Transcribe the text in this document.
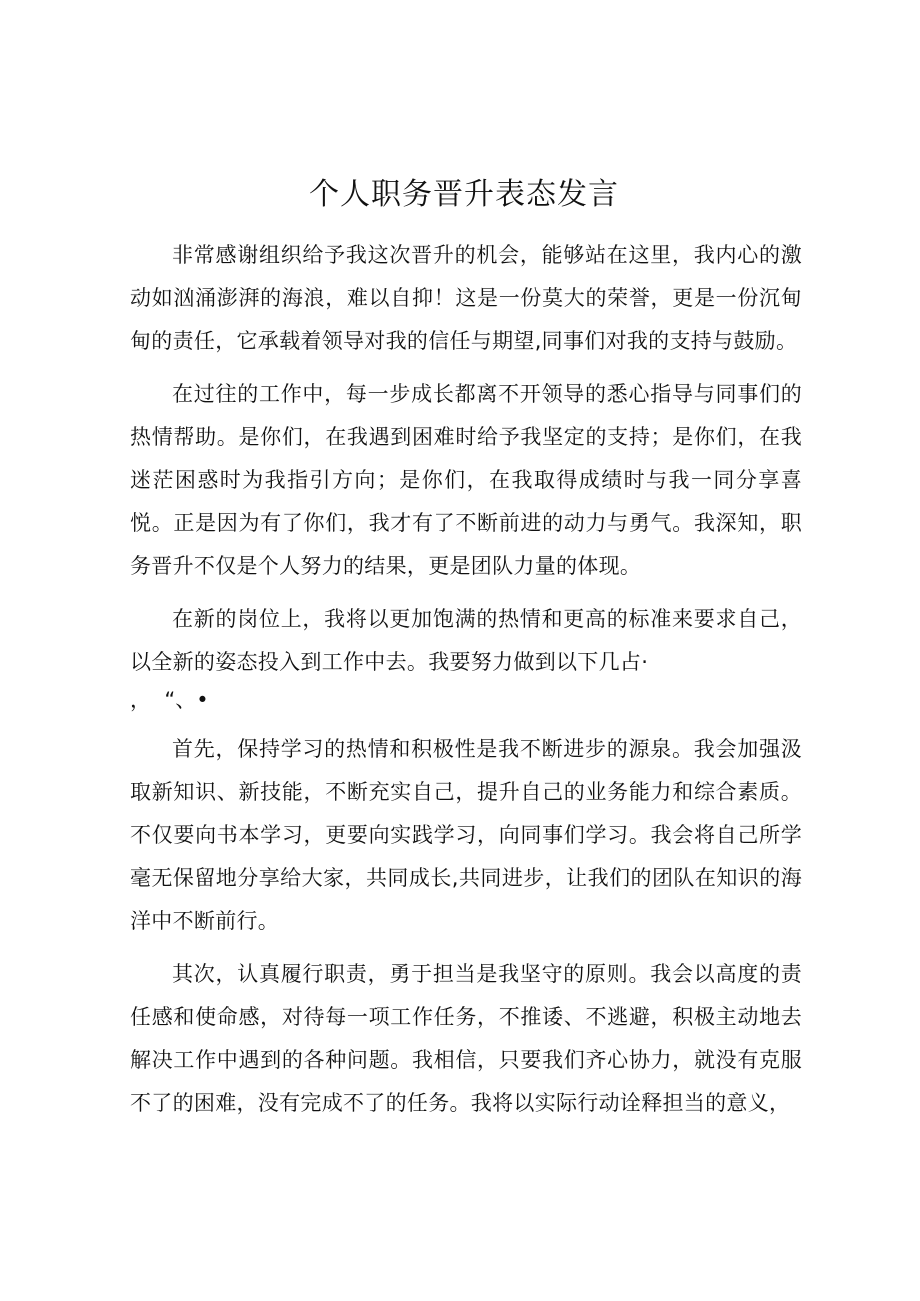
个人职务晋升表态发言

非常感谢组织给予我这次晋升的机会，能够站在这里，我内心的激动如汹涌澎湃的海浪，难以自抑！这是一份莫大的荣誉，更是一份沉甸甸的责任，它承载着领导对我的信任与期望,同事们对我的支持与鼓励。

在过往的工作中，每一步成长都离不开领导的悉心指导与同事们的热情帮助。是你们，在我遇到困难时给予我坚定的支持；是你们，在我迷茫困惑时为我指引方向；是你们，在我取得成绩时与我一同分享喜悦。正是因为有了你们，我才有了不断前进的动力与勇气。我深知，职务晋升不仅是个人努力的结果，更是团队力量的体现。

在新的岗位上，我将以更加饱满的热情和更高的标准来要求自己，以全新的姿态投入到工作中去。我要努力做到以下几占·

，  “、•

首先，保持学习的热情和积极性是我不断进步的源泉。我会加强汲取新知识、新技能，不断充实自己，提升自己的业务能力和综合素质。不仅要向书本学习，更要向实践学习，向同事们学习。我会将自己所学毫无保留地分享给大家，共同成长,共同进步，让我们的团队在知识的海洋中不断前行。

其次，认真履行职责，勇于担当是我坚守的原则。我会以高度的责任感和使命感，对待每一项工作任务，不推诿、不逃避，积极主动地去解决工作中遇到的各种问题。我相信，只要我们齐心协力，就没有克服不了的困难，没有完成不了的任务。我将以实际行动诠释担当的意义，
